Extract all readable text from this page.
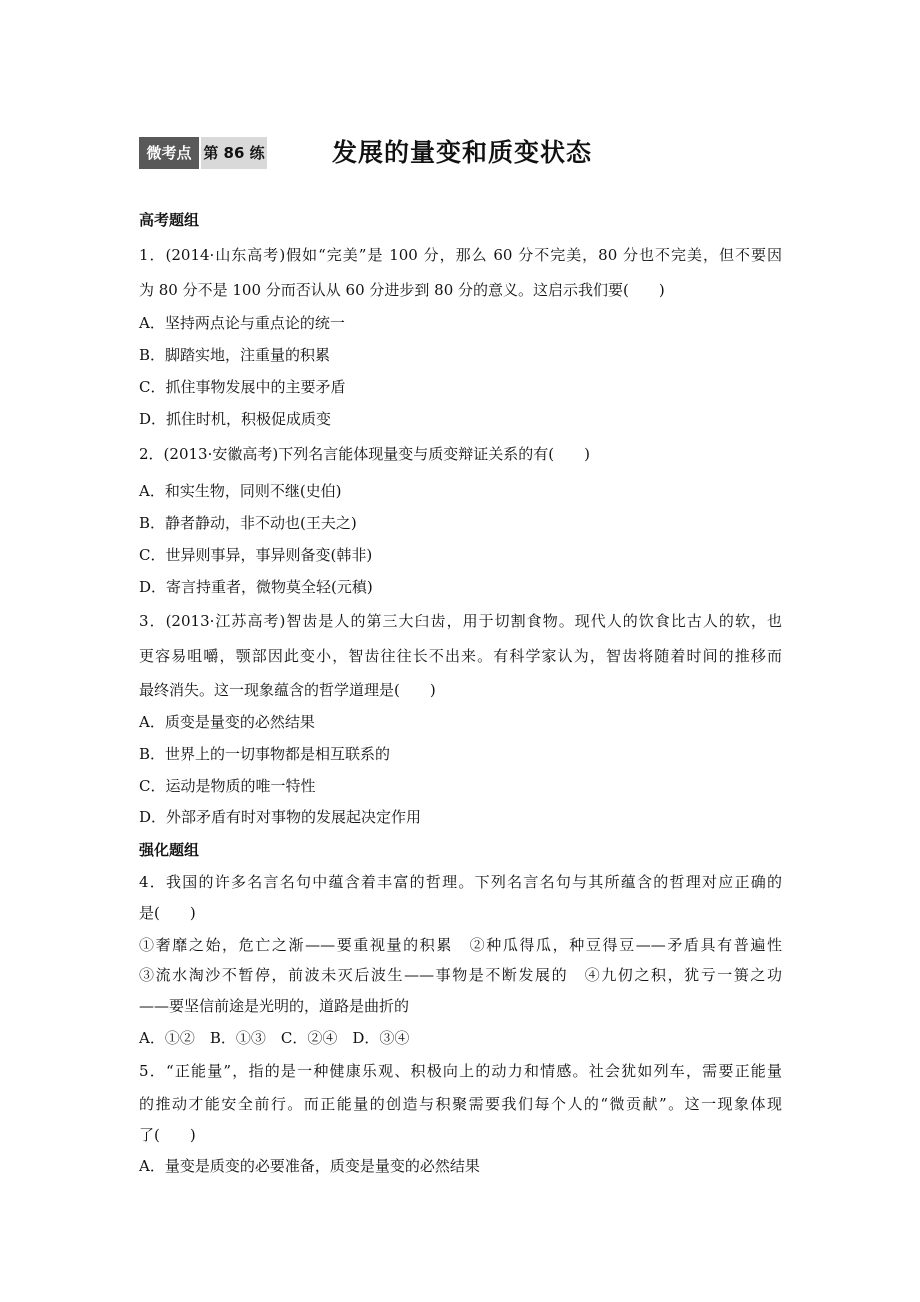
微考点 第 86 练	发展的量变和质变状态
高考题组
1．(2014·山东高考)假如“完美”是 100 分，那么 60 分不完美，80 分也不完美，但不要因
为 80 分不是 100 分而否认从 60 分进步到 80 分的意义。这启示我们要(　　)
A．坚持两点论与重点论的统一
B．脚踏实地，注重量的积累
C．抓住事物发展中的主要矛盾
D．抓住时机，积极促成质变
2．(2013·安徽高考)下列名言能体现量变与质变辩证关系的有(　　)
A．和实生物，同则不继(史伯)
B．静者静动，非不动也(王夫之)
C．世异则事异，事异则备变(韩非)
D．寄言持重者，微物莫全轻(元稹)
3．(2013·江苏高考)智齿是人的第三大臼齿，用于切割食物。现代人的饮食比古人的软，也
更容易咀嚼，颚部因此变小，智齿往往长不出来。有科学家认为，智齿将随着时间的推移而
最终消失。这一现象蕴含的哲学道理是(　　)
A．质变是量变的必然结果
B．世界上的一切事物都是相互联系的
C．运动是物质的唯一特性
D．外部矛盾有时对事物的发展起决定作用
强化题组
4．我国的许多名言名句中蕴含着丰富的哲理。下列名言名句与其所蕴含的哲理对应正确的
是(　　)
①奢靡之始，危亡之渐——要重视量的积累　②种瓜得瓜，种豆得豆——矛盾具有普遍性
③流水淘沙不暂停，前波未灭后波生——事物是不断发展的　④九仞之积，犹亏一篑之功
——要坚信前途是光明的，道路是曲折的
A．①②　B．①③　C．②④　D．③④
5．“正能量”，指的是一种健康乐观、积极向上的动力和情感。社会犹如列车，需要正能量
的推动才能安全前行。而正能量的创造与积聚需要我们每个人的“微贡献”。这一现象体现
了(　　)
A．量变是质变的必要准备，质变是量变的必然结果
